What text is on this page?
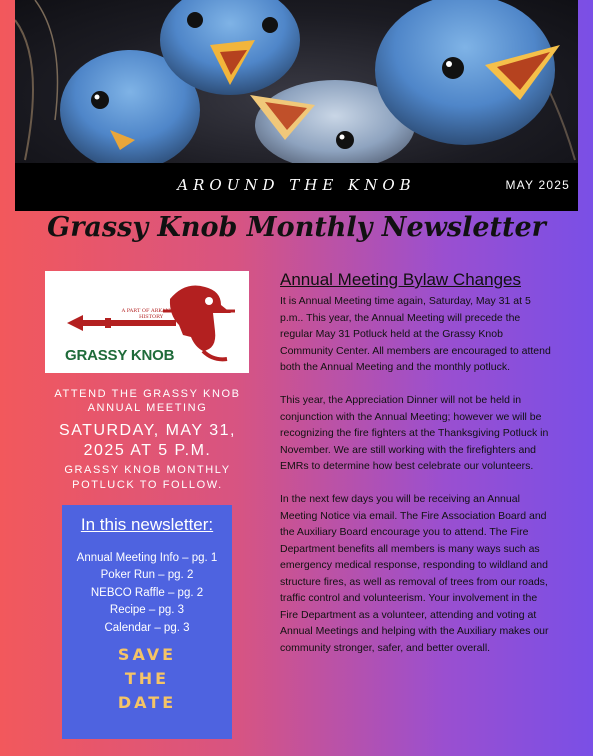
AROUND THE KNOB	MAY 2025
Grassy Knob Monthly Newsletter
A PART OF ARKANSAS HISTORY
GRASSY KNOB
ATTEND THE GRASSY KNOB ANNUAL MEETING
SATURDAY, MAY 31, 2025 AT 5 P.M.
GRASSY KNOB MONTHLY POTLUCK TO FOLLOW.
In this newsletter:
Annual Meeting Info – pg. 1
Poker Run – pg. 2
NEBCO Raffle – pg. 2
Recipe – pg. 3
Calendar – pg. 3
SAVE
THE
DATE
Annual Meeting Bylaw Changes

It is Annual Meeting time again, Saturday, May 31 at 5 p.m.. This year, the Annual Meeting will precede the regular May 31 Potluck held at the Grassy Knob Community Center. All members are encouraged to attend both the Annual Meeting and the monthly potluck.

This year, the Appreciation Dinner will not be held in conjunction with the Annual Meeting; however we will be recognizing the fire fighters at the Thanksgiving Potluck in November. We are still working with the firefighters and EMRs to determine how best celebrate our volunteers.

In the next few days you will be receiving an Annual Meeting Notice via email. The Fire Association Board and the Auxiliary Board encourage you to attend. The Fire Department benefits all members is many ways such as emergency medical response, responding to wildland and structure fires, as well as removal of trees from our roads, traffic control and volunteerism. Your involvement in the Fire Department as a volunteer, attending and voting at Annual Meetings and helping with the Auxiliary makes our community stronger, safer, and better overall.
